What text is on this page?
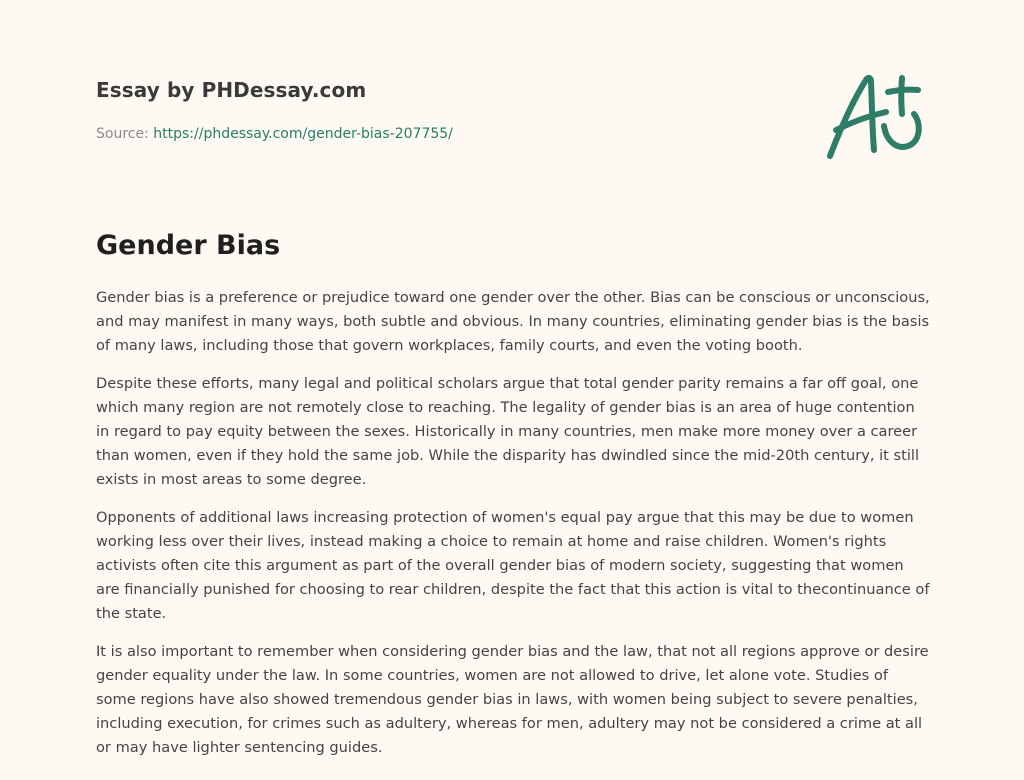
Essay by PHDessay.com
Source: https://phdessay.com/gender-bias-207755/
Gender Bias

Gender bias is a preference or prejudice toward one gender over the other. Bias can be conscious or unconscious, and may manifest in many ways, both subtle and obvious. In many countries, eliminating gender bias is the basis of many laws, including those that govern workplaces, family courts, and even the voting booth.

Despite these efforts, many legal and political scholars argue that total gender parity remains a far off goal, one which many region are not remotely close to reaching. The legality of gender bias is an area of huge contention in regard to pay equity between the sexes. Historically in many countries, men make more money over a career than women, even if they hold the same job. While the disparity has dwindled since the mid-20th century, it still exists in most areas to some degree.

Opponents of additional laws increasing protection of women's equal pay argue that this may be due to women working less over their lives, instead making a choice to remain at home and raise children. Women's rights activists often cite this argument as part of the overall gender bias of modern society, suggesting that women are financially punished for choosing to rear children, despite the fact that this action is vital to thecontinuance of the state.

It is also important to remember when considering gender bias and the law, that not all regions approve or desire gender equality under the law. In some countries, women are not allowed to drive, let alone vote. Studies of some regions have also showed tremendous gender bias in laws, with women being subject to severe penalties, including execution, for crimes such as adultery, whereas for men, adultery may not be considered a crime at all or may have lighter sentencing guides.
